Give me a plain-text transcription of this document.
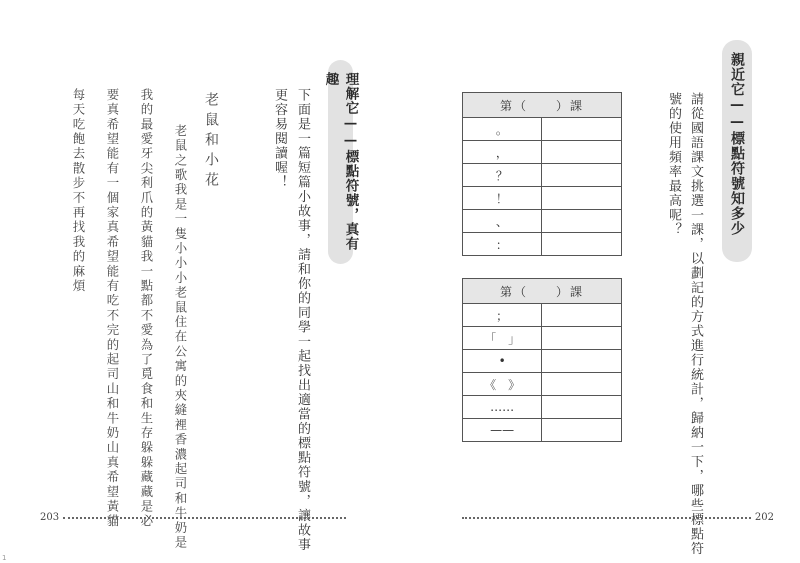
親近它——標點符號知多少
請從國語課文挑選一課，以劃記的方式進行統計，歸納一下，哪些標點符
號的使用頻率最高呢？
第（　　）課	
。	
，	
？	
！	
、	
：	
第（　　）課	
；	
「　」	
•	
《　》	
……	
——	
202
理解它——標點符號，真有趣
下面是一篇短篇小故事，請和你的同學一起找出適當的標點符號，讓故事
更容易閱讀喔！
老鼠和小花
老鼠之歌我是一隻小小小老鼠住在公寓的夾縫裡香濃起司和牛奶是
我的最愛牙尖利爪的黃貓我一點都不愛為了覓食和生存躲躲藏藏是必
要真希望能有一個家真希望能有吃不完的起司山和牛奶山真希望黃貓
每天吃飽去散步不再找我的麻煩
203
1
